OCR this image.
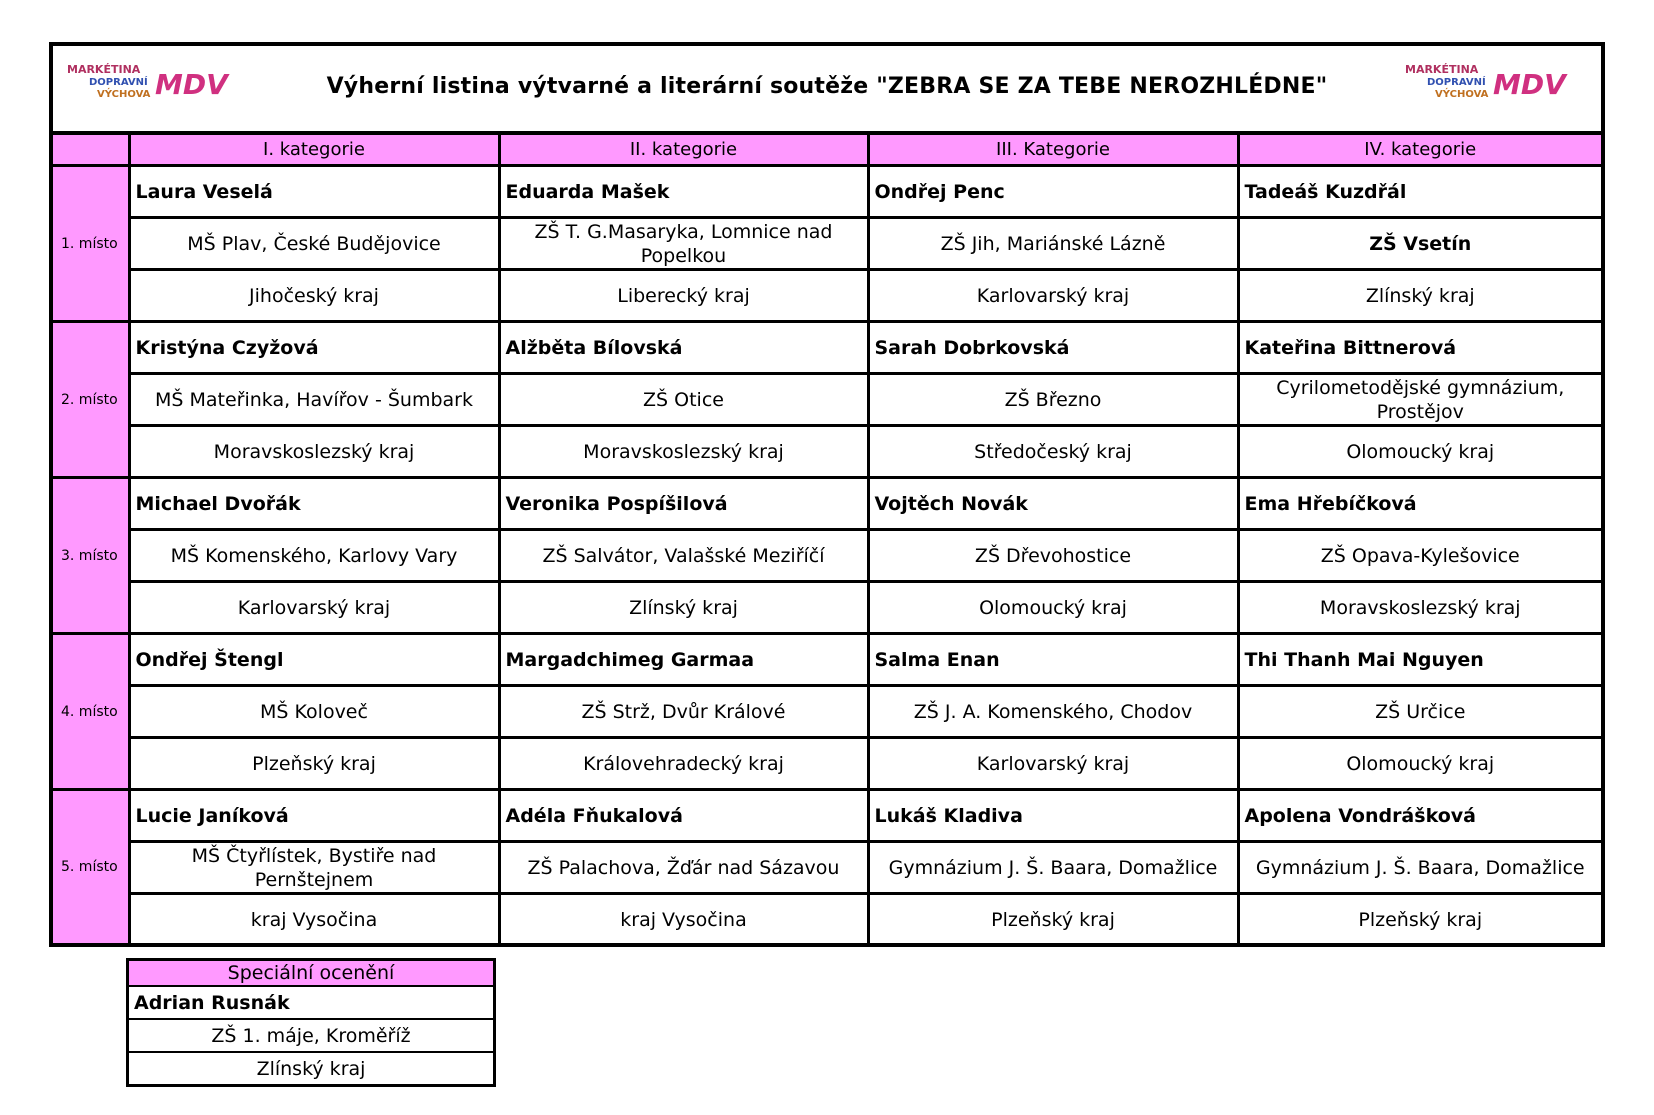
MARKÉTINA
DOPRAVNÍ
VÝCHOVA MDV	Výherní listina výtvarné a literární soutěže "ZEBRA SE ZA TEBE NEROZHLÉDNE"
MARKÉTINA
DOPRAVNÍ
VÝCHOVA MDV
	I. kategorie	II. kategorie	III. Kategorie	IV. kategorie
1. místo	Laura Veselá	Eduarda Mašek	Ondřej Penc	Tadeáš Kuzdřál
	MŠ Plav, České Budějovice	ZŠ T. G.Masaryka, Lomnice nad Popelkou	ZŠ Jih, Mariánské Lázně	ZŠ Vsetín
	Jihočeský kraj	Liberecký kraj	Karlovarský kraj	Zlínský kraj
2. místo	Kristýna Czyžová	Alžběta Bílovská	Sarah Dobrkovská	Kateřina Bittnerová
	MŠ Mateřinka, Havířov - Šumbark	ZŠ Otice	ZŠ Březno	Cyrilometodějské gymnázium, Prostějov
	Moravskoslezský kraj	Moravskoslezský kraj	Středočeský kraj	Olomoucký kraj
3. místo	Michael Dvořák	Veronika Pospíšilová	Vojtěch Novák	Ema Hřebíčková
	MŠ Komenského, Karlovy Vary	ZŠ Salvátor, Valašské Meziříčí	ZŠ Dřevohostice	ZŠ Opava-Kylešovice
	Karlovarský kraj	Zlínský kraj	Olomoucký kraj	Moravskoslezský kraj
4. místo	Ondřej Štengl	Margadchimeg Garmaa	Salma Enan	Thi Thanh Mai Nguyen
	MŠ Koloveč	ZŠ Strž, Dvůr Králové	ZŠ J. A. Komenského, Chodov	ZŠ Určice
	Plzeňský kraj	Královehradecký kraj	Karlovarský kraj	Olomoucký kraj
5. místo	Lucie Janíková	Adéla Fňukalová	Lukáš Kladiva	Apolena Vondrášková
	MŠ Čtyřlístek, Bystiře nad Pernštejnem	ZŠ Palachova, Žďár nad Sázavou	Gymnázium J. Š. Baara, Domažlice	Gymnázium J. Š. Baara, Domažlice
	kraj Vysočina	kraj Vysočina	Plzeňský kraj	Plzeňský kraj
Speciální ocenění
Adrian Rusnák
ZŠ 1. máje, Kroměříž
Zlínský kraj
